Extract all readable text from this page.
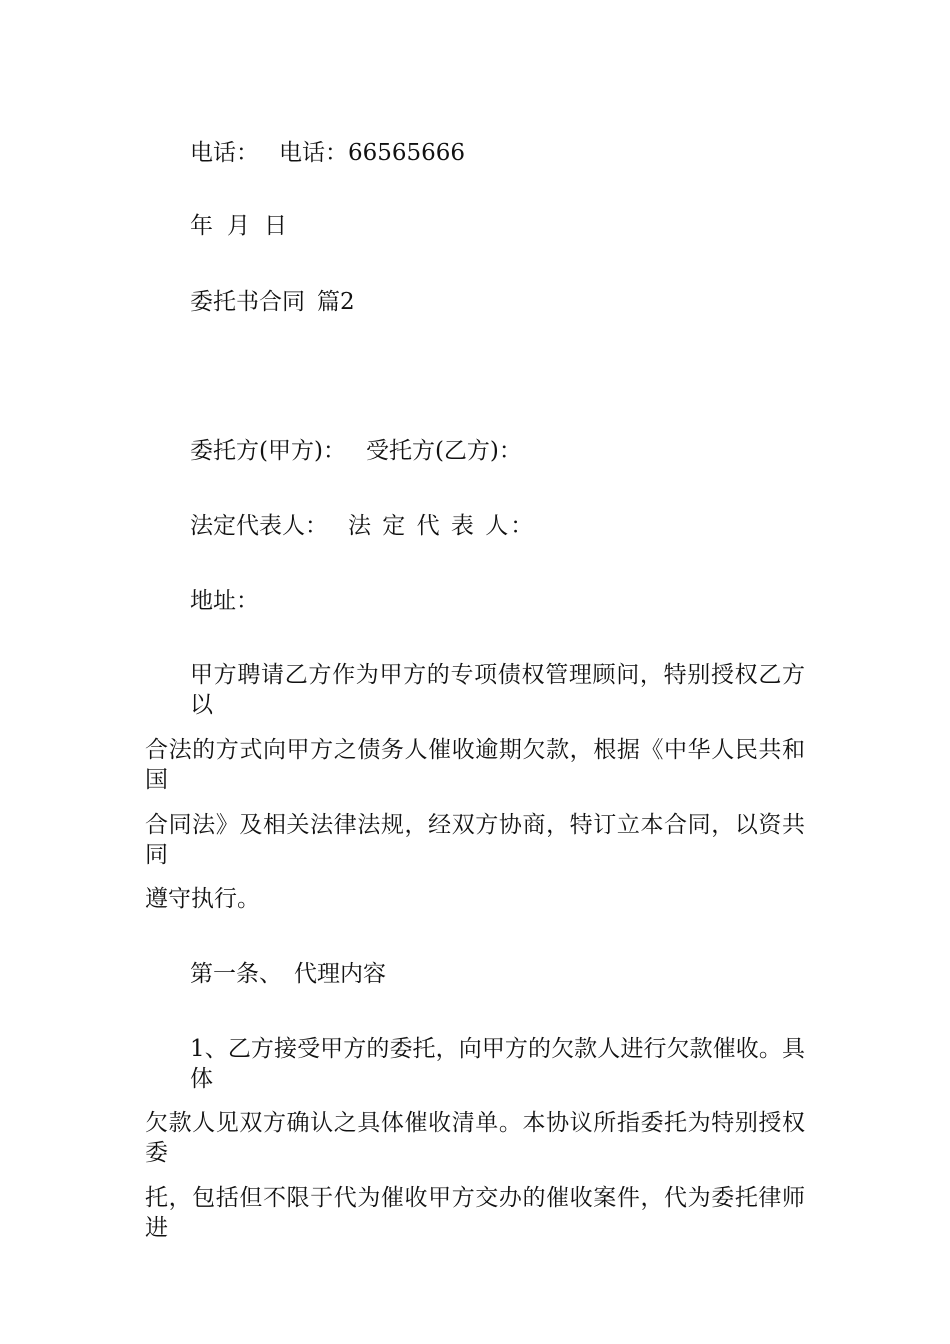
电话： 电话：66565666
年 月 日
委托书合同 篇2
委托方(甲方)： 受托方(乙方)：
法定代表人： 法 定 代 表 人：
地址：
甲方聘请乙方作为甲方的专项债权管理顾问，特别授权乙方以
合法的方式向甲方之债务人催收逾期欠款，根据《中华人民共和国
合同法》及相关法律法规，经双方协商，特订立本合同，以资共同
遵守执行。
第一条、 代理内容
1、乙方接受甲方的委托，向甲方的欠款人进行欠款催收。具体
欠款人见双方确认之具体催收清单。本协议所指委托为特别授权委
托，包括但不限于代为催收甲方交办的催收案件，代为委托律师进
